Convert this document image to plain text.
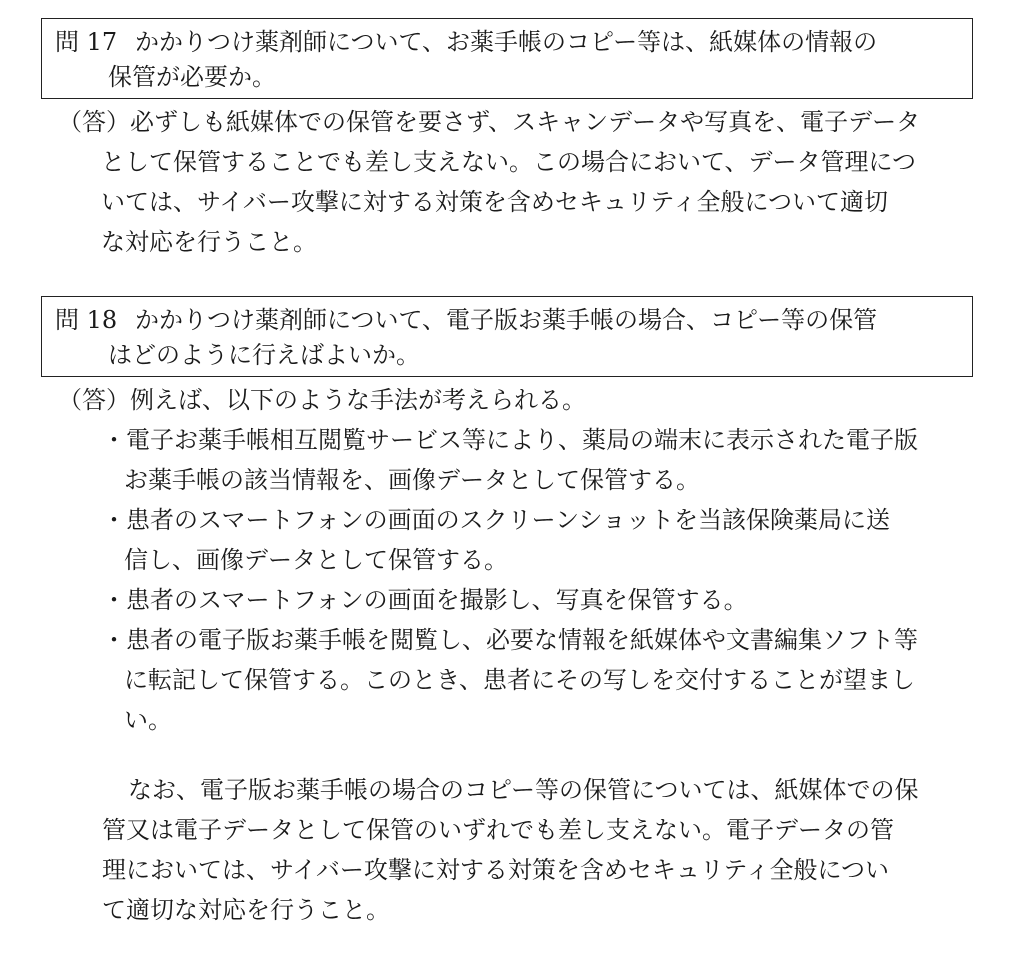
問 17 かかりつけ薬剤師について、お薬手帳のコピー等は、紙媒体の情報の
保管が必要か。
（答）必ずしも紙媒体での保管を要さず、スキャンデータや写真を、電子データ
として保管することでも差し支えない。この場合において、データ管理につ
いては、サイバー攻撃に対する対策を含めセキュリティ全般について適切
な対応を行うこと。
問 18 かかりつけ薬剤師について、電子版お薬手帳の場合、コピー等の保管
はどのように行えばよいか。
（答）例えば、以下のような手法が考えられる。
・電子お薬手帳相互閲覧サービス等により、薬局の端末に表示された電子版
お薬手帳の該当情報を、画像データとして保管する。
・患者のスマートフォンの画面のスクリーンショットを当該保険薬局に送
信し、画像データとして保管する。
・患者のスマートフォンの画面を撮影し、写真を保管する。
・患者の電子版お薬手帳を閲覧し、必要な情報を紙媒体や文書編集ソフト等
に転記して保管する。このとき、患者にその写しを交付することが望まし
い。
なお、電子版お薬手帳の場合のコピー等の保管については、紙媒体での保
管又は電子データとして保管のいずれでも差し支えない。電子データの管
理においては、サイバー攻撃に対する対策を含めセキュリティ全般につい
て適切な対応を行うこと。
